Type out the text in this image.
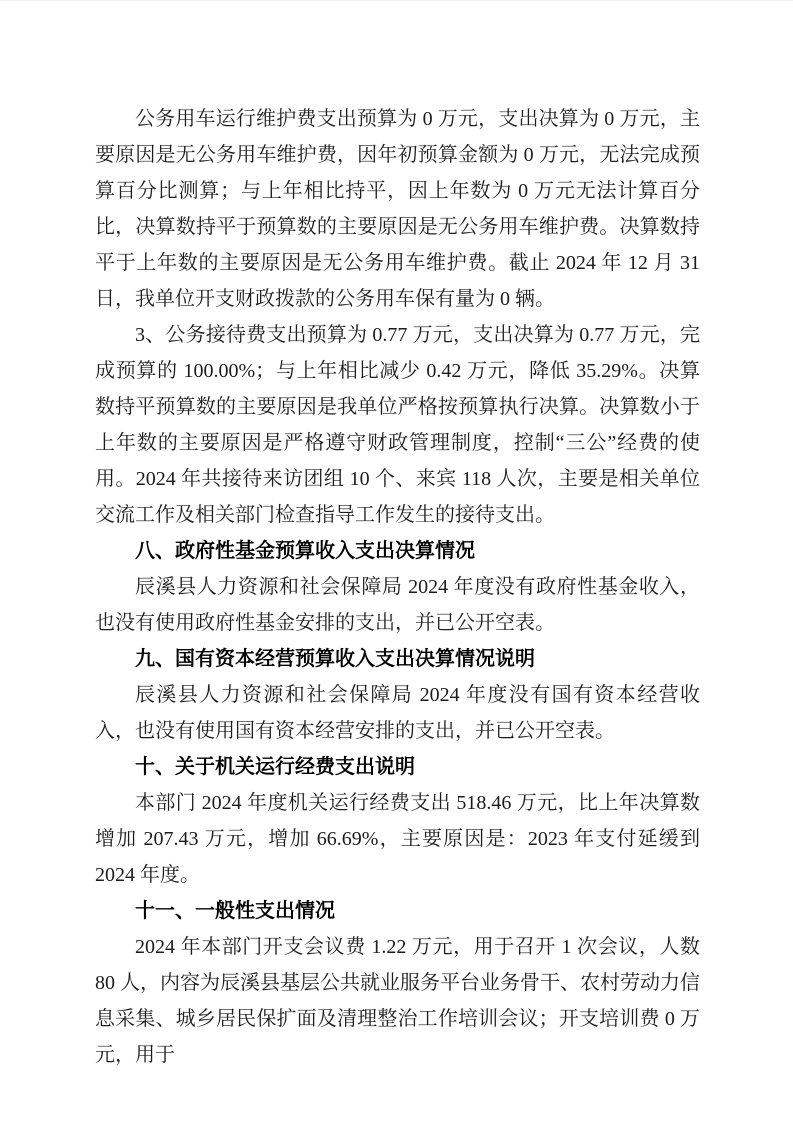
公务用车运行维护费支出预算为 0 万元，支出决算为 0 万元，主要原因是无公务用车维护费，因年初预算金额为 0 万元，无法完成预算百分比测算；与上年相比持平，因上年数为 0 万元无法计算百分比，决算数持平于预算数的主要原因是无公务用车维护费。决算数持平于上年数的主要原因是无公务用车维护费。截止 2024 年 12 月 31 日，我单位开支财政拨款的公务用车保有量为 0 辆。

3、公务接待费支出预算为 0.77 万元，支出决算为 0.77 万元，完成预算的 100.00%；与上年相比减少 0.42 万元，降低 35.29%。决算数持平预算数的主要原因是我单位严格按预算执行决算。决算数小于上年数的主要原因是严格遵守财政管理制度，控制“三公”经费的使用。2024 年共接待来访团组 10 个、来宾 118 人次，主要是相关单位交流工作及相关部门检查指导工作发生的接待支出。

八、政府性基金预算收入支出决算情况

辰溪县人力资源和社会保障局 2024 年度没有政府性基金收入，也没有使用政府性基金安排的支出，并已公开空表。

九、国有资本经营预算收入支出决算情况说明

辰溪县人力资源和社会保障局 2024 年度没有国有资本经营收入，也没有使用国有资本经营安排的支出，并已公开空表。

十、关于机关运行经费支出说明

本部门 2024 年度机关运行经费支出 518.46 万元，比上年决算数增加 207.43 万元，增加 66.69%，主要原因是：2023 年支付延缓到 2024 年度。

十一、一般性支出情况

2024 年本部门开支会议费 1.22 万元，用于召开 1 次会议，人数 80 人，内容为辰溪县基层公共就业服务平台业务骨干、农村劳动力信息采集、城乡居民保扩面及清理整治工作培训会议；开支培训费 0 万元，用于
